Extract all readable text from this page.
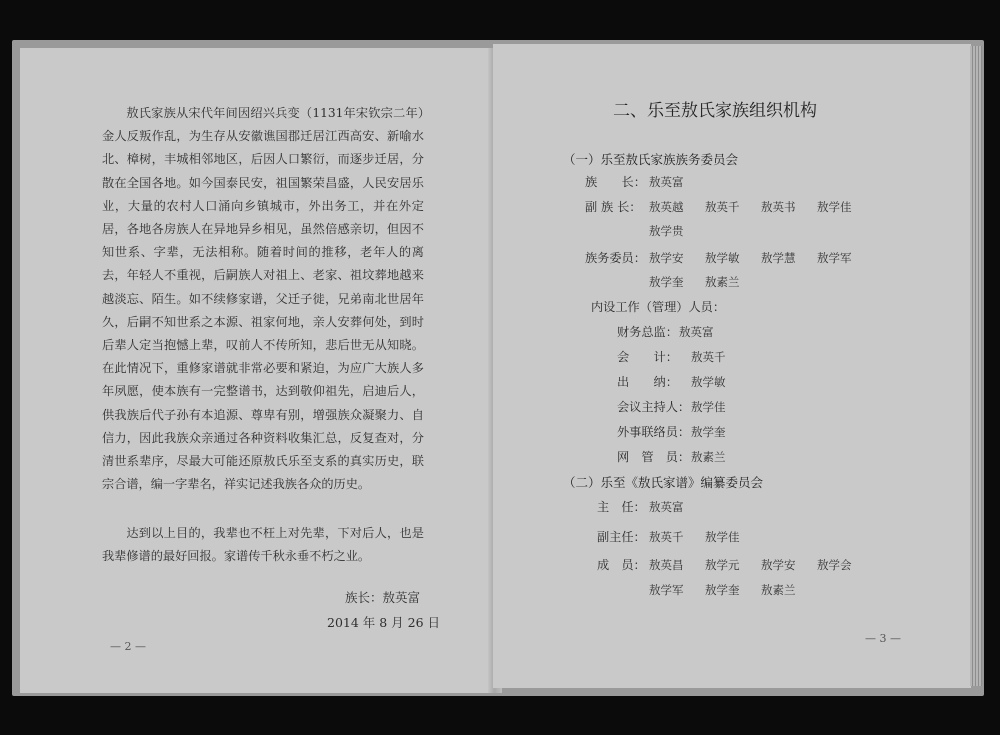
敖氏家族从宋代年间因绍兴兵变（1131年宋钦宗二年）金人反叛作乱，为生存从安徽谯国郡迁居江西高安、新喻水北、樟树，丰城相邻地区，后因人口繁衍，而逐步迁居，分散在全国各地。如今国泰民安，祖国繁荣昌盛，人民安居乐业，大量的农村人口涌向乡镇城市，外出务工，并在外定居，各地各房族人在异地异乡相见，虽然倍感亲切，但因不知世系、字辈，无法相称。随着时间的推移，老年人的离去，年轻人不重视，后嗣族人对祖上、老家、祖坟葬地越来越淡忘、陌生。如不续修家谱，父迁子徙，兄弟南北世居年久，后嗣不知世系之本源、祖家何地，亲人安葬何处，到时后辈人定当抱憾上辈，叹前人不传所知，悲后世无从知晓。在此情况下，重修家谱就非常必要和紧迫，为应广大族人多年夙愿，使本族有一完整谱书，达到敬仰祖先，启迪后人，供我族后代子孙有本追源、尊卑有别，增强族众凝聚力、自信力，因此我族众亲通过各种资料收集汇总，反复查对，分清世系辈序，尽最大可能还原敖氏乐至支系的真实历史，联宗合谱，编一字辈名，祥实记述我族各众的历史。

达到以上目的，我辈也不枉上对先辈，下对后人，也是我辈修谱的最好回报。家谱传千秋永垂不朽之业。

族长：敖英富
2014 年 8 月 26 日
— 2 —
二、乐至敖氏家族组织机构
（一）乐至敖氏家族族务委员会
族　　长： 敖英富
副 族 长： 敖英越	敖英千	敖英书	敖学佳
敖学贵
族务委员： 敖学安	敖学敏	敖学慧	敖学军
敖学奎	敖素兰
内设工作（管理）人员：
财务总监： 敖英富
会　　计： 敖英千
出　　纳： 敖学敏
会议主持人： 敖学佳
外事联络员： 敖学奎
网　管　员： 敖素兰
（二）乐至《敖氏家谱》编纂委员会
主　任： 敖英富
副主任： 敖英千	敖学佳
成　员： 敖英昌	敖学元	敖学安	敖学会
敖学军	敖学奎	敖素兰
— 3 —
